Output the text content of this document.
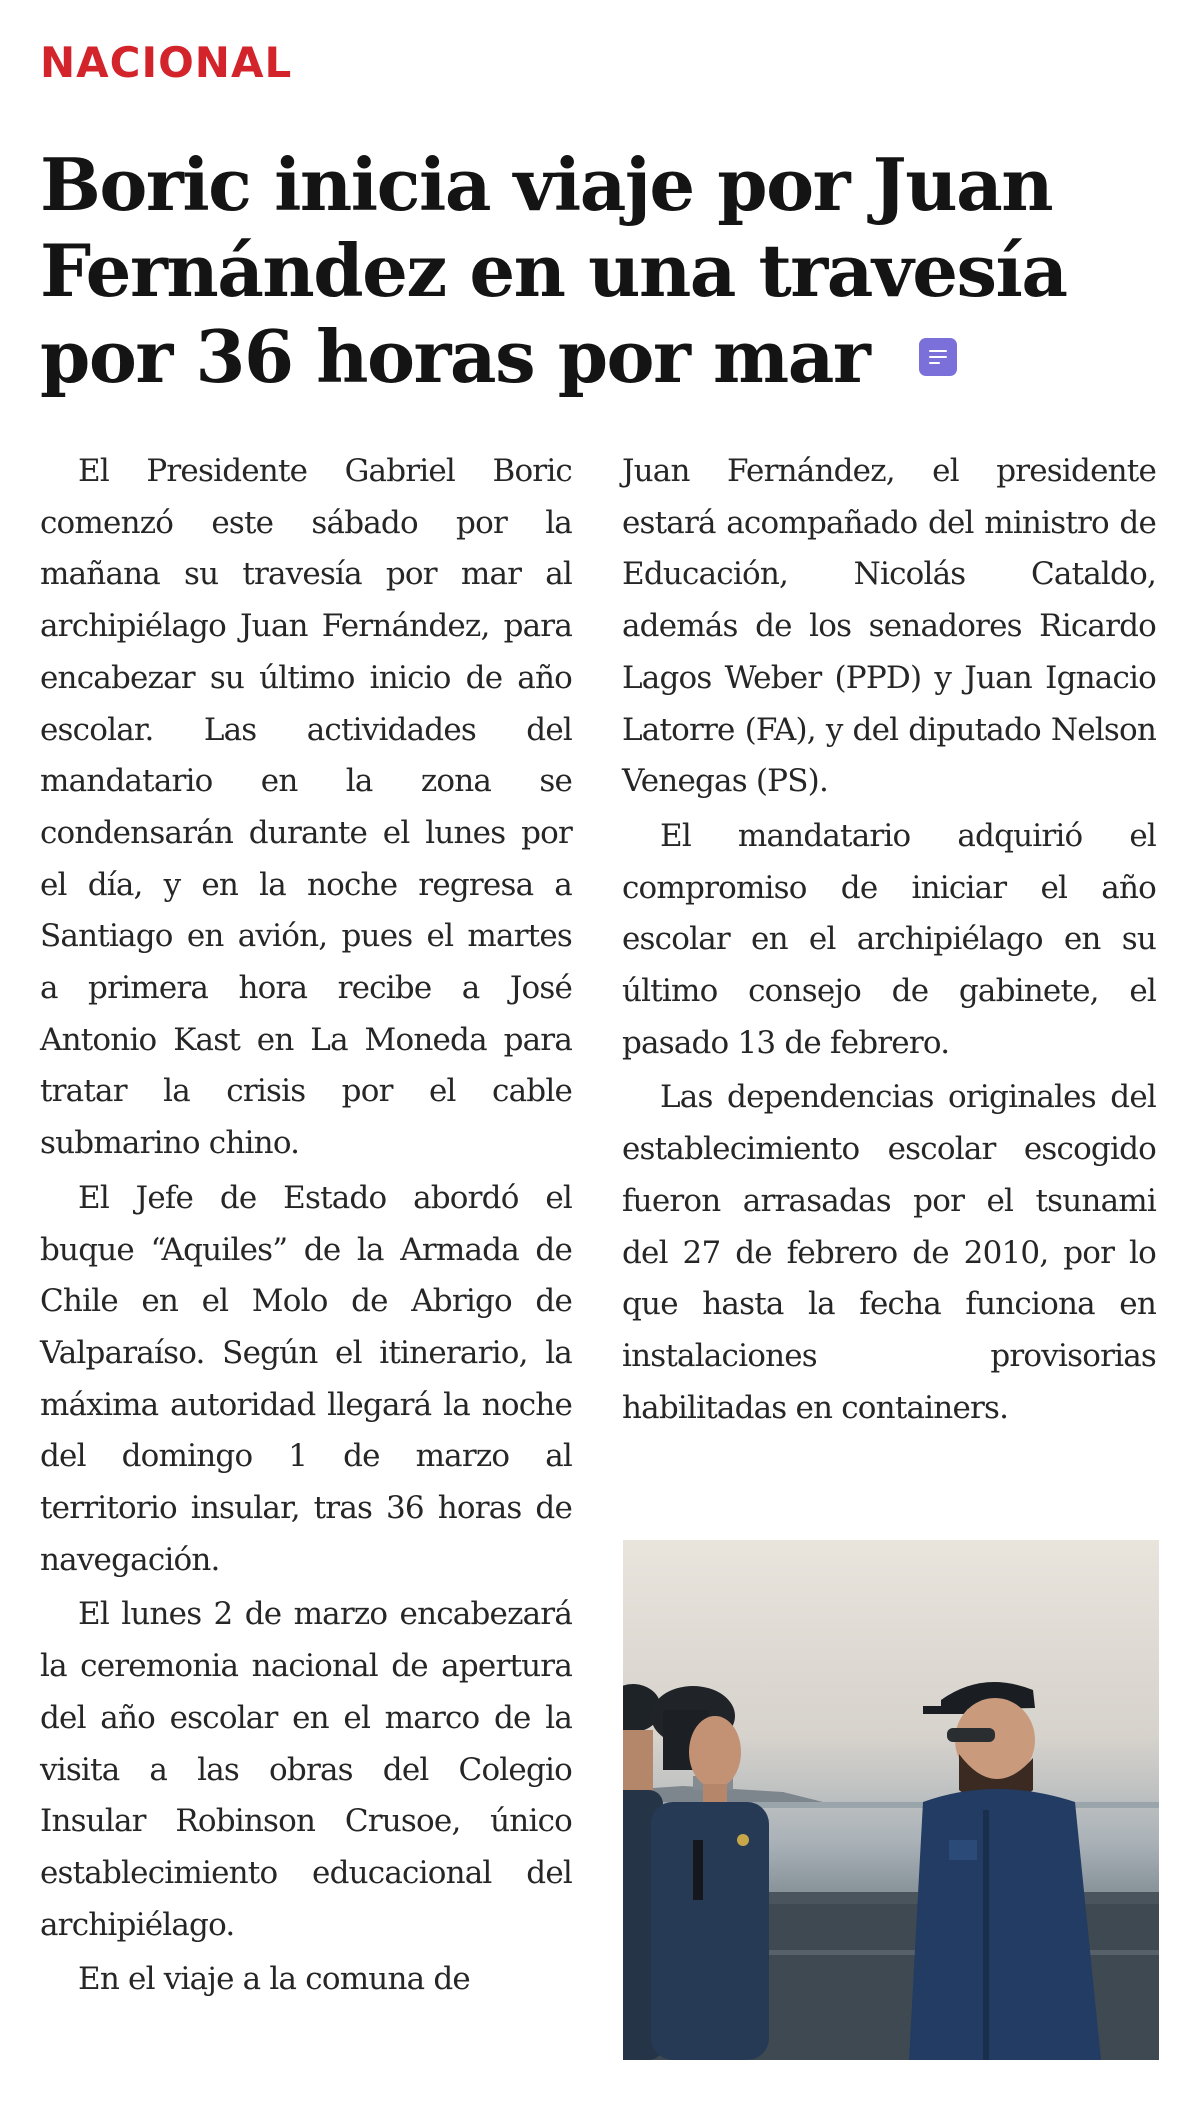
NACIONAL
Boric inicia viaje por Juan Fernández en una travesía por 36 horas por mar

El Presidente Gabriel Boric comenzó este sábado por la mañana su travesía por mar al archipiélago Juan Fernández, para encabezar su último inicio de año escolar. Las actividades del mandatario en la zona se condensarán durante el lunes por el día, y en la noche regresa a Santiago en avión, pues el martes a primera hora recibe a José Antonio Kast en La Moneda para tratar la crisis por el cable submarino chino.

El Jefe de Estado abordó el buque “Aquiles” de la Armada de Chile en el Molo de Abrigo de Valparaíso. Según el itinerario, la máxima autoridad llegará la noche del domingo 1 de marzo al territorio insular, tras 36 horas de navegación.

El lunes 2 de marzo encabezará la ceremonia nacional de apertura del año escolar en el marco de la visita a las obras del Colegio Insular Robinson Crusoe, único establecimiento educacional del archipiélago.

En el viaje a la comuna de

Juan Fernández, el presidente estará acompañado del ministro de Educación, Nicolás Cataldo, además de los senadores Ricardo Lagos Weber (PPD) y Juan Ignacio Latorre (FA), y del diputado Nelson Venegas (PS).

El mandatario adquirió el compromiso de iniciar el año escolar en el archipiélago en su último consejo de gabinete, el pasado 13 de febrero.

Las dependencias originales del establecimiento escolar escogido fueron arrasadas por el tsunami del 27 de febrero de 2010, por lo que hasta la fecha funciona en instalaciones provisorias habilitadas en containers.
